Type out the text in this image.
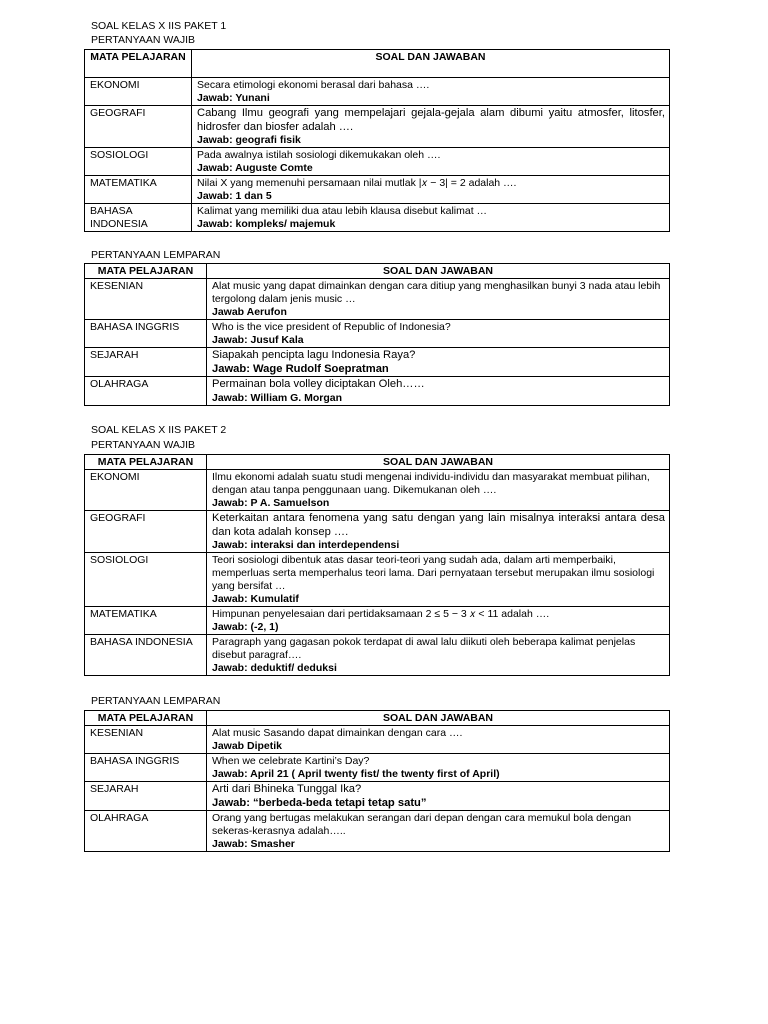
SOAL KELAS X IIS PAKET 1
PERTANYAAN WAJIB
MATA PELAJARAN	SOAL DAN JAWABAN
EKONOMI	Secara etimologi ekonomi berasal dari bahasa ….
Jawab: Yunani

GEOGRAFI	Cabang Ilmu geografi yang mempelajari gejala-gejala alam dibumi yaitu atmosfer, litosfer, hidrosfer dan biosfer adalah ….
Jawab: geografi fisik

SOSIOLOGI	Pada awalnya istilah sosiologi dikemukakan oleh ….
Jawab: Auguste Comte

MATEMATIKA	Nilai X yang memenuhi persamaan nilai mutlak |𝑥 − 3| = 2 adalah ….
Jawab: 1 dan 5

BAHASA INDONESIA	Kalimat yang memiliki dua atau lebih klausa disebut kalimat …
Jawab: kompleks/ majemuk
PERTANYAAN LEMPARAN
MATA PELAJARAN	SOAL DAN JAWABAN
KESENIAN	Alat music yang dapat dimainkan dengan cara ditiup yang menghasilkan bunyi 3 nada atau lebih tergolong dalam jenis music …
Jawab Aerufon

BAHASA INGGRIS	Who is the vice president of Republic of Indonesia?
Jawab: Jusuf Kala

SEJARAH	Siapakah pencipta lagu Indonesia Raya?
Jawab: Wage Rudolf Soepratman

OLAHRAGA	Permainan bola volley diciptakan Oleh……
Jawab: William G. Morgan
SOAL KELAS X IIS PAKET 2
PERTANYAAN WAJIB
MATA PELAJARAN	SOAL DAN JAWABAN
EKONOMI	Ilmu ekonomi adalah suatu studi mengenai individu-individu dan masyarakat membuat pilihan, dengan atau tanpa penggunaan uang. Dikemukanan oleh ….
Jawab: P A. Samuelson

GEOGRAFI	Keterkaitan antara fenomena yang satu dengan yang lain misalnya interaksi antara desa dan kota adalah konsep ….
Jawab: interaksi dan interdependensi

SOSIOLOGI	Teori sosiologi dibentuk atas dasar teori-teori yang sudah ada, dalam arti memperbaiki, memperluas serta memperhalus teori lama. Dari pernyataan tersebut merupakan ilmu sosiologi yang bersifat …
Jawab: Kumulatif

MATEMATIKA	Himpunan penyelesaian dari pertidaksamaan 2 ≤ 5 − 3 𝑥 < 11 adalah ….
Jawab: (-2, 1)

BAHASA INDONESIA	Paragraph yang gagasan pokok terdapat di awal lalu diikuti oleh beberapa kalimat penjelas disebut paragraf….
Jawab: deduktif/ deduksi
PERTANYAAN LEMPARAN
MATA PELAJARAN	SOAL DAN JAWABAN
KESENIAN	Alat music Sasando dapat dimainkan dengan cara ….
Jawab Dipetik

BAHASA INGGRIS	When we celebrate Kartini’s Day?
Jawab: April 21 ( April twenty fist/ the twenty first of April)

SEJARAH	Arti dari Bhineka Tunggal Ika?
Jawab: “berbeda-beda tetapi tetap satu”

OLAHRAGA	Orang yang bertugas melakukan serangan dari depan dengan cara memukul bola dengan sekeras-kerasnya adalah…..
Jawab: Smasher
